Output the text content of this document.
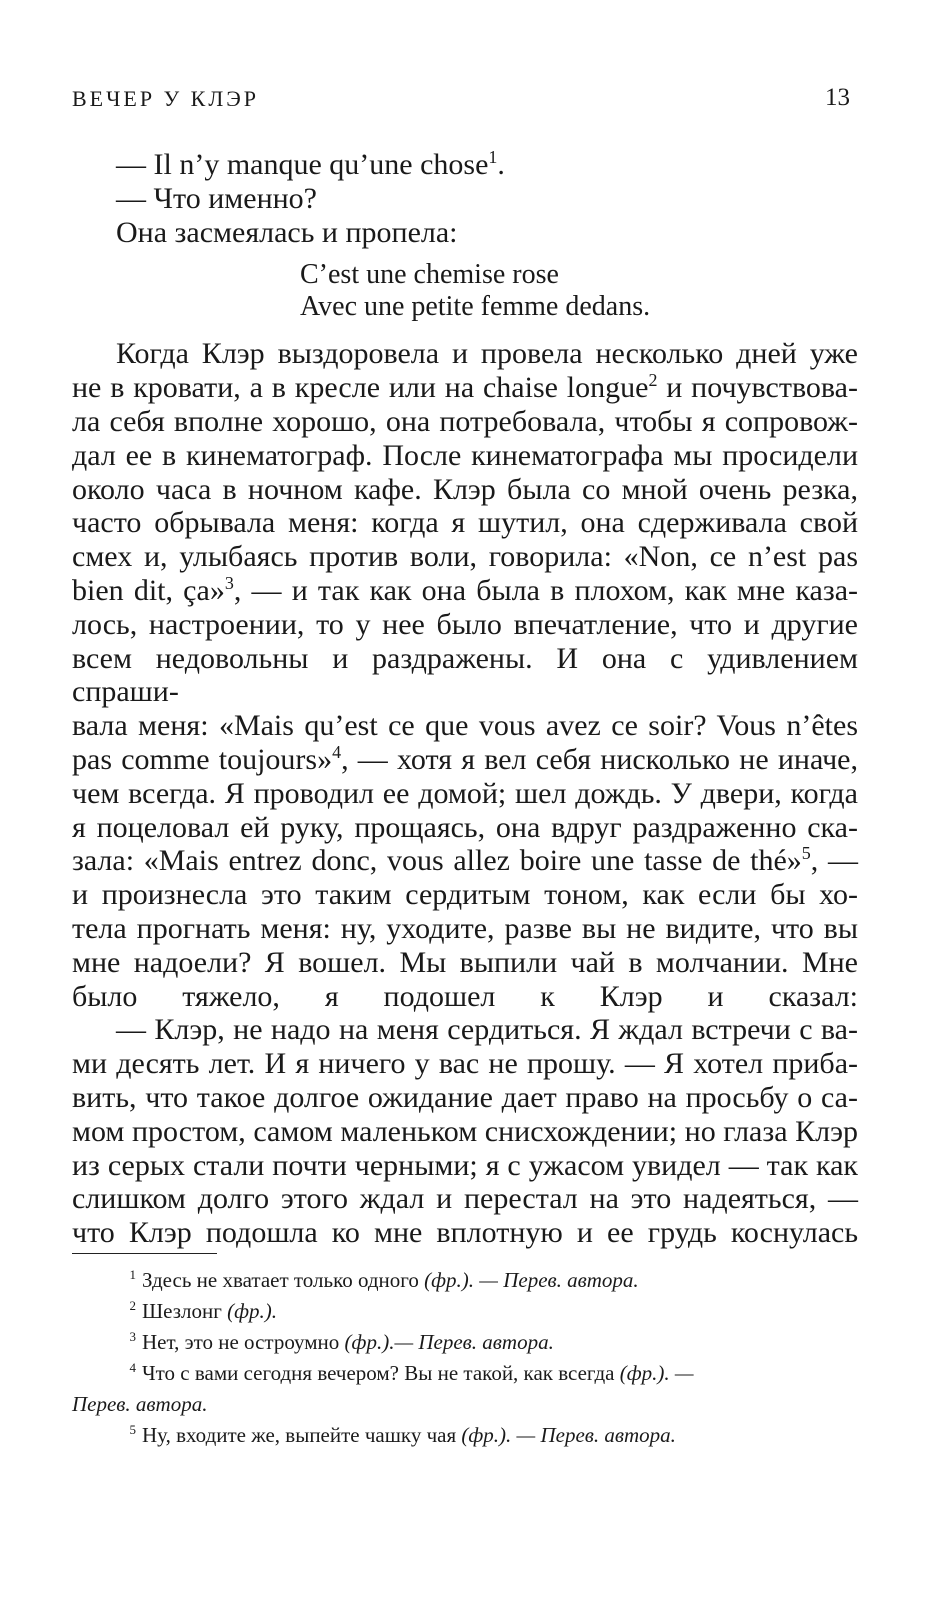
ВЕЧЕР У КЛЭР	13
— Il n’y manque qu’une chose$^1$.
— Что именно?
Она засмеялась и пропела:
C’est une chemise rose
Avec une petite femme dedans.
Когда Клэр выздоровела и провела несколько дней уже
не в кровати, а в кресле или на chaise longue$^2$ и почувствова-
ла себя вполне хорошо, она потребовала, чтобы я сопровож-
дал ее в кинематограф. После кинематографа мы просидели
около часа в ночном кафе. Клэр была со мной очень резка,
часто обрывала меня: когда я шутил, она сдерживала свой
смех и, улыбаясь против воли, говорила: «Non, ce n’est pas
bien dit, ça»$^3$, — и так как она была в плохом, как мне каза-
лось, настроении, то у нее было впечатление, что и другие
всем недовольны и раздражены. И она с удивлением спраши-
вала меня: «Mais qu’est ce que vous avez ce soir? Vous n’êtes
pas comme toujours»$^4$, — хотя я вел себя нисколько не иначе,
чем всегда. Я проводил ее домой; шел дождь. У двери, когда
я поцеловал ей руку, прощаясь, она вдруг раздраженно ска-
зала: «Mais entrez donc, vous allez boire une tasse de thé»$^5$, —
и произнесла это таким сердитым тоном, как если бы хо-
тела прогнать меня: ну, уходите, разве вы не видите, что вы
мне надоели? Я вошел. Мы выпили чай в молчании. Мне
было тяжело, я подошел к Клэр и сказал:
— Клэр, не надо на меня сердиться. Я ждал встречи с ва-
ми десять лет. И я ничего у вас не прошу. — Я хотел приба-
вить, что такое долгое ожидание дает право на просьбу о са-
мом простом, самом маленьком снисхождении; но глаза Клэр
из серых стали почти черными; я с ужасом увидел — так как
слишком долго этого ждал и перестал на это надеяться, —
что Клэр подошла ко мне вплотную и ее грудь коснулась
1 Здесь не хватает только одного (фр.). — Перев. автора.
2 Шезлонг (фр.).
3 Нет, это не остроумно (фр.).— Перев. автора.
4 Что с вами сегодня вечером? Вы не такой, как всегда (фр.). —
Перев. автора.
5 Ну, входите же, выпейте чашку чая (фр.). — Перев. автора.
